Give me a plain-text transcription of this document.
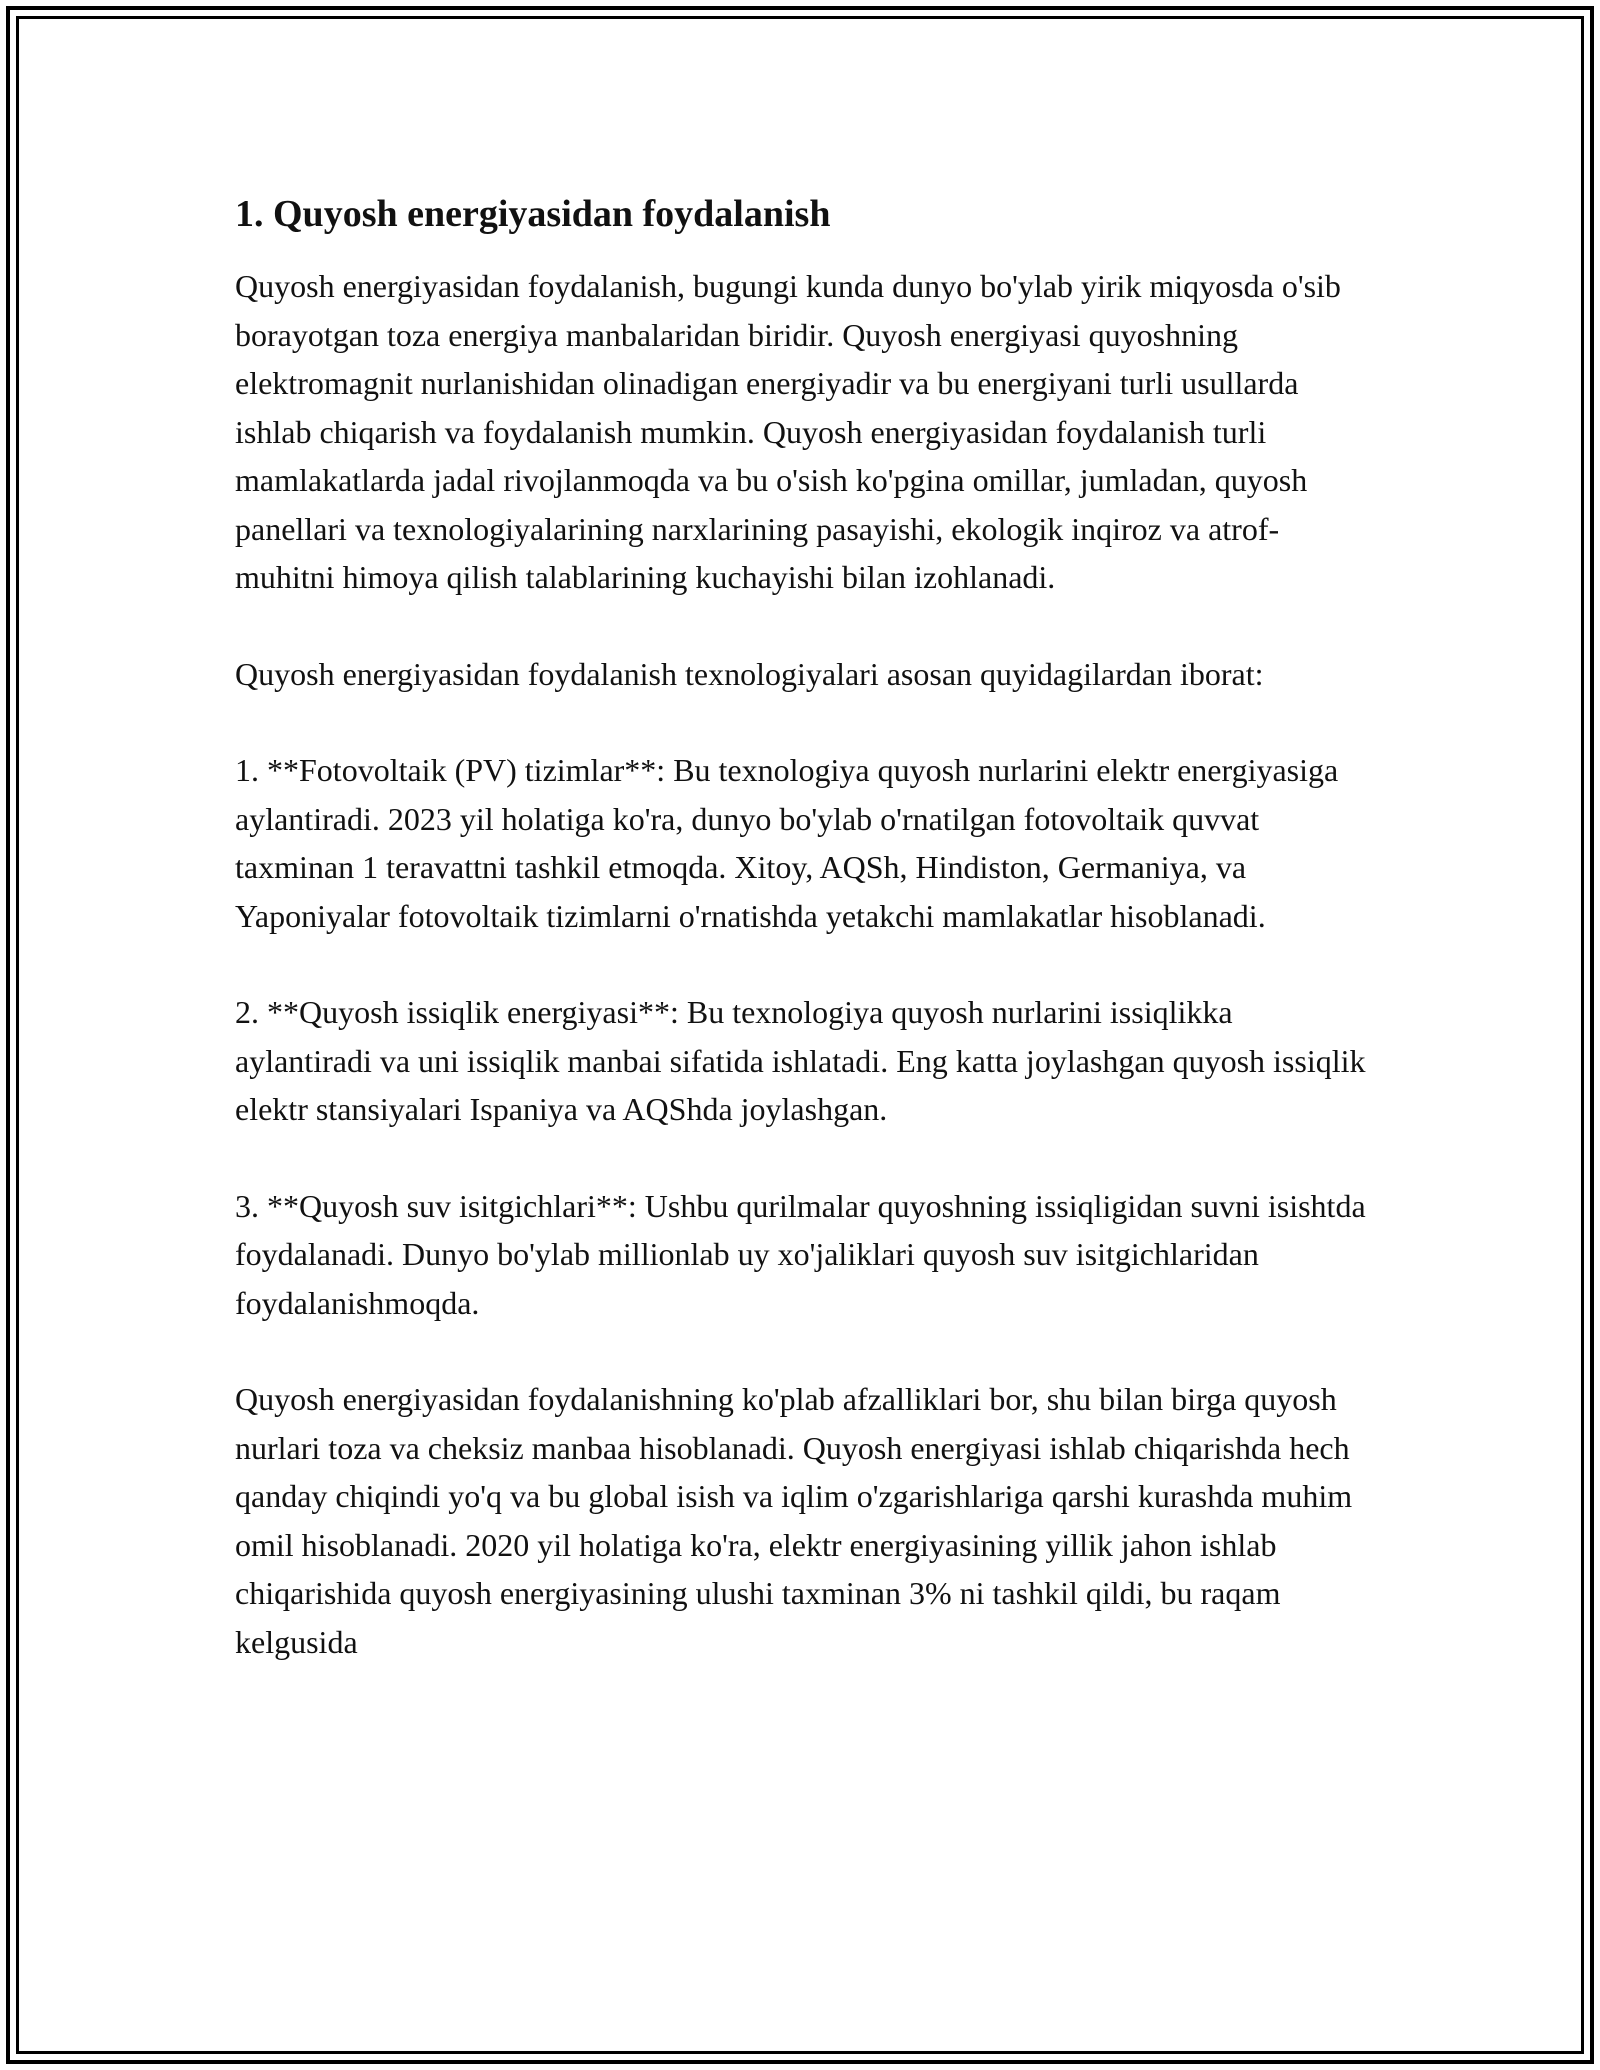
1. Quyosh energiyasidan foydalanish

Quyosh energiyasidan foydalanish, bugungi kunda dunyo bo'ylab yirik miqyosda o'sib borayotgan toza energiya manbalaridan biridir. Quyosh energiyasi quyoshning elektromagnit nurlanishidan olinadigan energiyadir va bu energiyani turli usullarda ishlab chiqarish va foydalanish mumkin. Quyosh energiyasidan foydalanish turli mamlakatlarda jadal rivojlanmoqda va bu o'sish ko'pgina omillar, jumladan, quyosh panellari va texnologiyalarining narxlarining pasayishi, ekologik inqiroz va atrof-muhitni himoya qilish talablarining kuchayishi bilan izohlanadi.

Quyosh energiyasidan foydalanish texnologiyalari asosan quyidagilardan iborat:

1. **Fotovoltaik (PV) tizimlar**: Bu texnologiya quyosh nurlarini elektr energiyasiga aylantiradi. 2023 yil holatiga ko'ra, dunyo bo'ylab o'rnatilgan fotovoltaik quvvat taxminan 1 teravattni tashkil etmoqda. Xitoy, AQSh, Hindiston, Germaniya, va Yaponiyalar fotovoltaik tizimlarni o'rnatishda yetakchi mamlakatlar hisoblanadi.

2. **Quyosh issiqlik energiyasi**: Bu texnologiya quyosh nurlarini issiqlikka aylantiradi va uni issiqlik manbai sifatida ishlatadi. Eng katta joylashgan quyosh issiqlik elektr stansiyalari Ispaniya va AQShda joylashgan.

3. **Quyosh suv isitgichlari**: Ushbu qurilmalar quyoshning issiqligidan suvni isishtda foydalanadi. Dunyo bo'ylab millionlab uy xo'jaliklari quyosh suv isitgichlaridan foydalanishmoqda.

Quyosh energiyasidan foydalanishning ko'plab afzalliklari bor, shu bilan birga quyosh nurlari toza va cheksiz manbaa hisoblanadi. Quyosh energiyasi ishlab chiqarishda hech qanday chiqindi yo'q va bu global isish va iqlim o'zgarishlariga qarshi kurashda muhim omil hisoblanadi. 2020 yil holatiga ko'ra, elektr energiyasining yillik jahon ishlab chiqarishida quyosh energiyasining ulushi taxminan 3% ni tashkil qildi, bu raqam kelgusida
